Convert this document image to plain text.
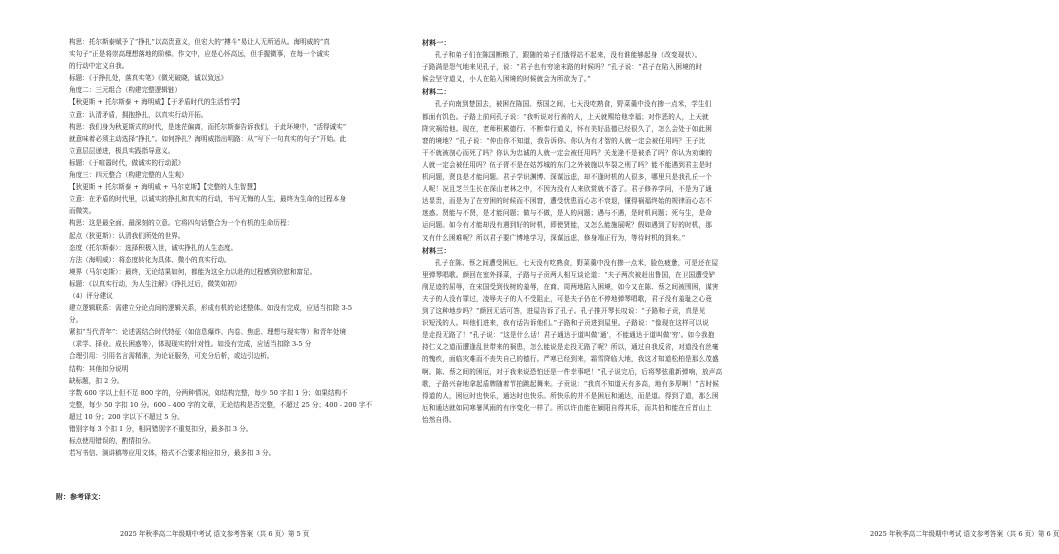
构思：托尔斯泰赋予了“挣扎”以高贵意义，但宏大的“搏斗”易让人无所适从。海明威的“真

实句子”正是将崇高理想落地的阶梯。作文中，应是心怀高远，但手握微事，在每一个诚实

的行动中定义自我。

标题：《于挣扎处，落真实笔》《微光破晓，诚以致远》

角度二：三元组合（构建完整逻辑链）

【秋更斯 + 托尔斯泰 + 海明威】【于矛盾时代的生活哲学】

立意：认清矛盾，拥抱挣扎，以真实行动开拓。

构思：我们身为秋更斯式的时代，是迷茫偏离，而托尔斯泰告诉我们，于此环境中，“活得诚实”

就意味着必须主动选择“挣扎”。如何挣扎？海明威指出明路：从“写下一句真实的句子”开始。此

立意层层递进，极具实践指导意义。

标题：《于喧嚣时代，做诚实的行动派》

角度三：四元整合（构建完整的人生观）

【狄更斯 + 托尔斯泰 + 海明威 + 马尔克斯】【完整的人生智慧】

立意：在矛盾的时代里，以诚实的挣扎和真实的行动，书写无悔的人生，最终为生命的过程本身

而微笑。

构思：这是最全面、最深刻的立意。它将四句话整合为一个有机的生命历程：

起点（狄更斯）：认清我们所处的世界。

态度（托尔斯泰）：选择积极入世，诚实挣扎的人生态度。

方法（海明威）：将态度转化为具体、微小的真实行动。

境界（马尔克斯）：最终，无论结果如何，都能为这全力以赴的过程感到欣慰和富足。

标题：《以真实行动，为人生注解》《挣扎过后，微笑如初》

（4）评分建议

建立逻辑联系：需建立分论点间的逻辑关系，形成有机的论述整体。如没有完成，应适当扣除 3-5

分。

紧扣“当代青年”：论述需结合时代特征（如信息爆炸、内卷、焦虑、理想与现实等）和青年处境

（求学、择业、成长困惑等），体现现实的针对性。如没有完成，应适当扣除 3-5 分

合理引用：引用名言需精准，为论证服务，可充分后析，或边引边析。

结构：其他扣分说明

缺标题，扣 2 分。

字数 600 字以上但不足 800 字的，分两种情况，如结构完整，每少 50 字扣 1 分；如果结构不

完整，每少 50 字扣 10 分。600 - 400 字的文章，无论结构是否完整，不超过 25 分；400 - 200 字不

超过 10 分；200 字以下不超过 5 分。

错别字每 3 个扣 1 分，相同错别字不重复扣分，最多扣 3 分。

标点使用错误的，酌情扣分。

若写书信、演讲稿等应用文体，格式不合要求相应扣分，最多扣 3 分。

附：参考译文：
2025 年秋季高二年级期中考试 语文参考答案（共 6 页）第 5 页

材料一：

孔子和弟子们在陈国断粮了，跟随的弟子们饿得站不起来，没有谁能够起身（改变现状）。

子路满是怨气地来见孔子，说：“君子也有穷途末路的时候吗？”孔子说：“君子在陷入困境的时

候会坚守道义，小人在陷入困境的时候就会为所欲为了。”

材料二：

孔子向南到楚国去，被困在陈国、蔡国之间，七天没吃熟食，野菜羹中没有掺一点米，学生们

都面有饥色。子路上前问孔子说：“我听说对行善的人，上天就赐给他幸福；对作恶的人，上天就

降灾祸给他。现在，老师积累德行、不断奉行道义，怀有美好品德已经很久了，怎么会处于如此困

窘的境地？”孔子说：“仲由你不知道，我告诉你。你认为有才智的人就一定会被任用吗？王子比

干不就被剖心而死了吗？你认为忠诚的人就一定会被任用吗？关龙逄不是被杀了吗？你认为劝谏的

人就一定会被任用吗？伍子胥不是在姑苏城的东门之外被施以车裂之刑了吗？能不能遇到君主是时

机问题，贤良是才能问题。君子学识渊博、深谋远虑，却不逢时机的人很多，哪里只是我孔丘一个

人呢！况且芝兰生长在深山老林之中，不因为没有人来欣赏就不香了。君子修养学问，不是为了通

达显贵，而是为了在穷困的时候而不困窘，遭受忧患而心志不衰退，懂得祸福终始的规律而心志不

迷惑。贤能与不贤，是才能问题；做与不做，是人的问题；遇与不遇，是时机问题；死与生，是命

运问题。如今有才能却没有遇到好的时机，即使贤能，又怎么能施展呢？假如遇到了好的时机，那

又有什么困难呢？所以君子要广博地学习，深谋远虑，修身端正行为，等待时机的到来。”

材料三：

孔子在陈、蔡之间遭受困厄，七天没有吃熟食，野菜羹中没有掺一点米，脸色疲惫，可是还在屋

里弹琴唱歌。颜回在室外择菜，子路与子贡两人相互谈论道：“夫子两次被赶出鲁国，在卫国遭受铲

削足迹的屈辱，在宋国受到伐树的羞辱，在商、周两地陷入困境，如今又在陈、蔡之间被围困，谋害

夫子的人没有罪过，凌辱夫子的人不受阻止，可是夫子仍在不停地弹琴唱歌，君子没有羞耻之心竟

到了这种地步吗？”颜回无话可答，进屋告诉了孔子。孔子推开琴长叹说：“子路和子贡，真是见

识短浅的人。叫他们进来，我有话告诉他们。”子路和子贡进到屋里。子路说：“像现在这样可以说

是走投无路了！”孔子说：“这是什么话！君子通达于道叫做‘通’，不能通达于道叫做‘穷’。如今我抱

持仁义之道而遭逢乱世带来的祸患，怎么能说是走投无路了呢？所以，通过自我反省，对道没有丝毫

的愧疚，面临灾难而不丧失自己的德行。严寒已经到来，霜雪降临大地，我这才知道松柏是那么茂盛

啊。陈、蔡之间的困厄，对于我来说恐怕还是一件幸事吧！”孔子说完后，后将琴弦重新弹响，放声高

歌，子路兴奋地拿起盾牌随着节拍跳起舞来。子贡说：“我真不知道天有多高，地有多厚啊！”古时候

得道的人，困厄时也快乐，通达时也快乐。所快乐的并不是困厄和通达，而是道。得到了道，那么困

厄和通达就如同寒暑风雨的有序变化一样了。所以许由能在颍阳自得其乐，而共伯和能在丘首山上

怡然自得。

2025 年秋季高二年级期中考试 语文参考答案（共 6 页）第 6 页
